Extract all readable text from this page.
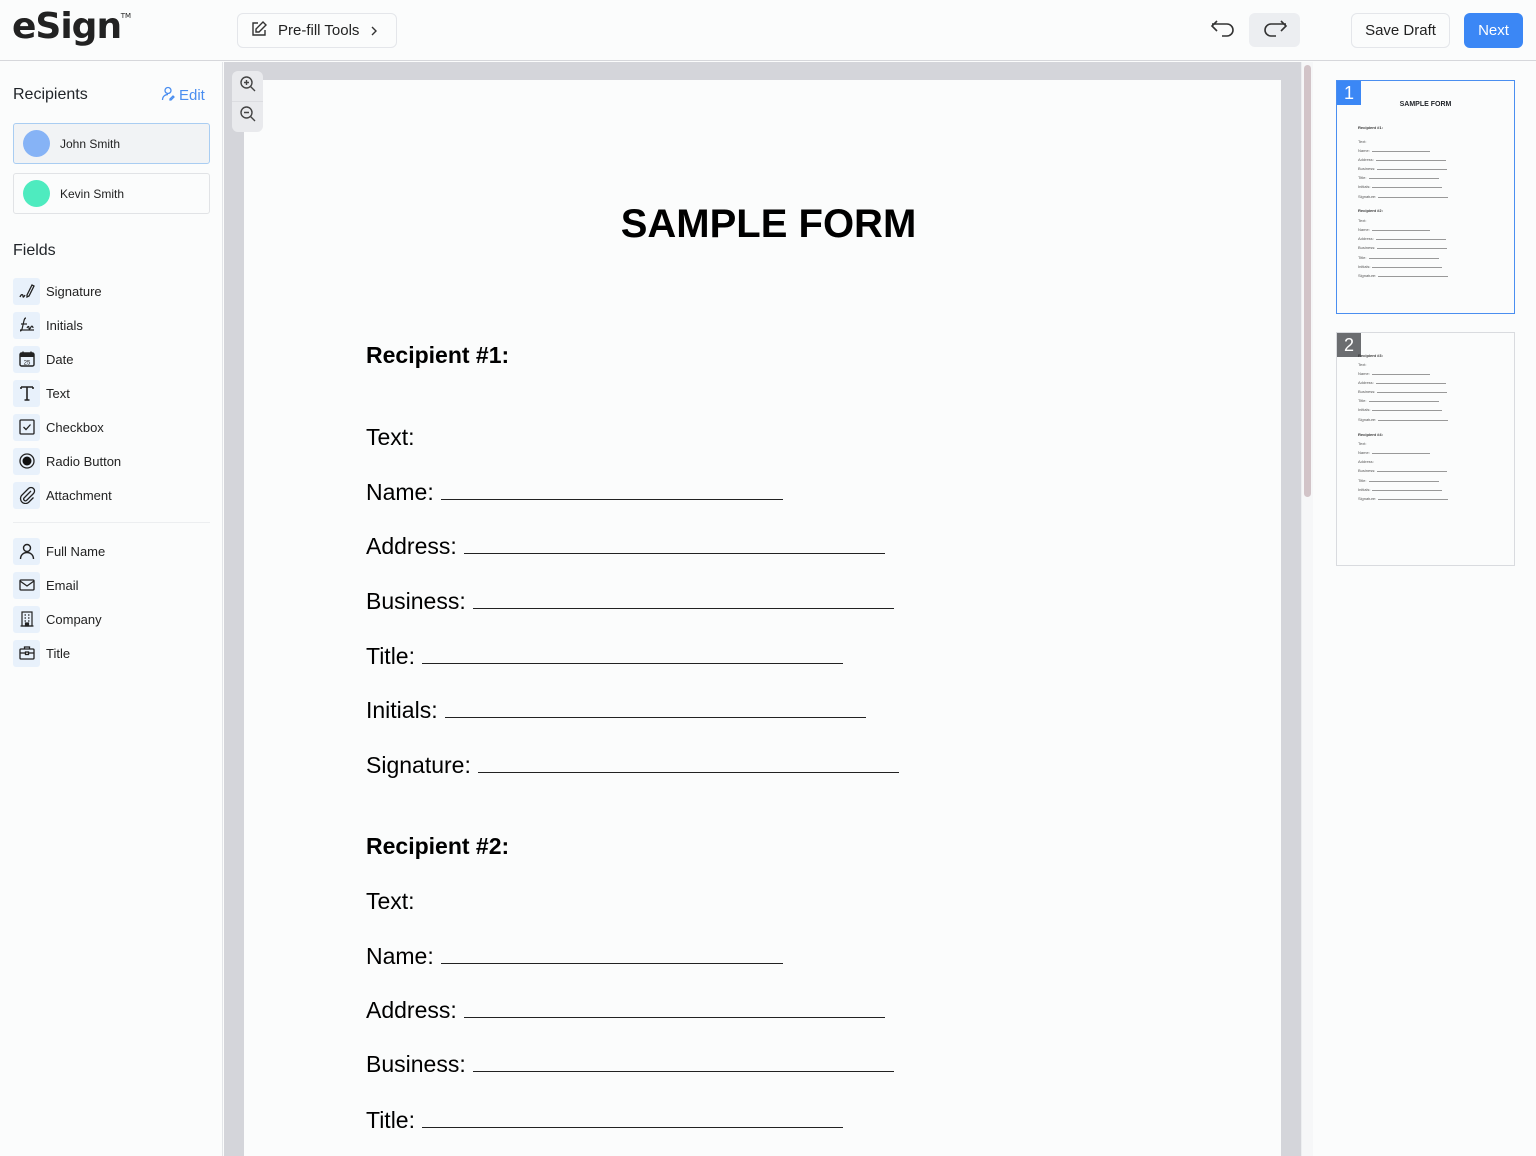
eSign TM
Pre-fill Tools	Save Draft	Next
Recipients	Edit
John Smith
Kevin Smith
Fields
Signature
Initials
25 Date
Text
Checkbox
Radio Button
Attachment
Full Name
Email
Company
Title
SAMPLE FORM
Recipient #1:
Text:
Name:
Address:
Business:
Title:
Initials:
Signature:
Recipient #2:
Text:
Name:
Address:
Business:
Title:
1
SAMPLE FORM
Recipient #1:
Text:
Name:
Address:
Business:
Title:
Initials:
Signature:
Recipient #2:
Text:
Name:
Address:
Business:
Title:
Initials:
Signature:
2
Recipient #3:
Text:
Name:
Address:
Business:
Title:
Initials:
Signature:
Recipient #4:
Text:
Name:
Address:
Business:
Title:
Initials:
Signature:
